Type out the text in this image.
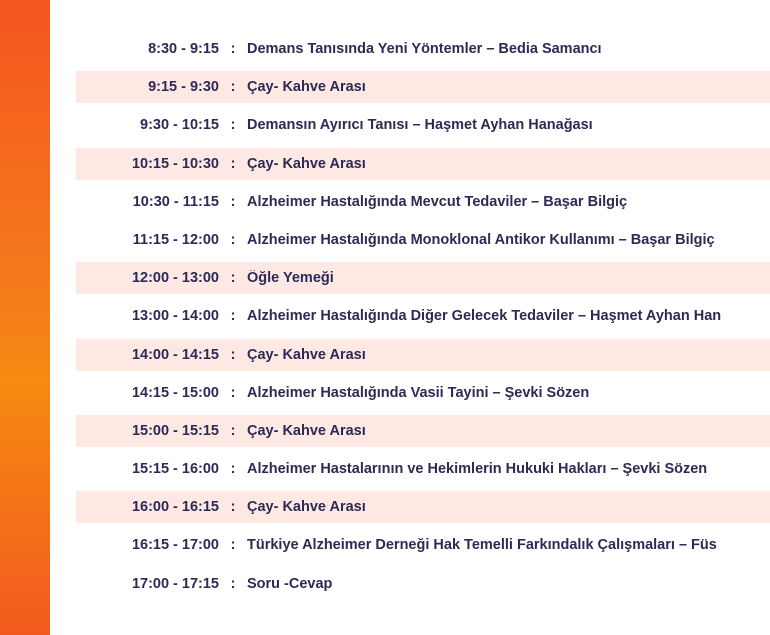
8:30 - 9:15 : Demans Tanısında Yeni Yöntemler – Bedia Samancı
9:15 - 9:30 : Çay- Kahve Arası
9:30 - 10:15 : Demansın Ayırıcı Tanısı – Haşmet Ayhan Hanağası
10:15 - 10:30 : Çay- Kahve Arası
10:30 - 11:15 : Alzheimer Hastalığında Mevcut Tedaviler – Başar Bilgiç
11:15 - 12:00 : Alzheimer Hastalığında Monoklonal Antikor Kullanımı – Başar Bilgiç
12:00 - 13:00 : Öğle Yemeği
13:00 - 14:00 : Alzheimer Hastalığında Diğer Gelecek Tedaviler – Haşmet Ayhan Han
14:00 - 14:15 : Çay- Kahve Arası
14:15 - 15:00 : Alzheimer Hastalığında Vasii Tayini – Şevki Sözen
15:00 - 15:15 : Çay- Kahve Arası
15:15 - 16:00 : Alzheimer Hastalarının ve Hekimlerin Hukuki Hakları – Şevki Sözen
16:00 - 16:15 : Çay- Kahve Arası
16:15 - 17:00 : Türkiye Alzheimer Derneği Hak Temelli Farkındalık Çalışmaları – Füs
17:00 - 17:15 : Soru -Cevap
